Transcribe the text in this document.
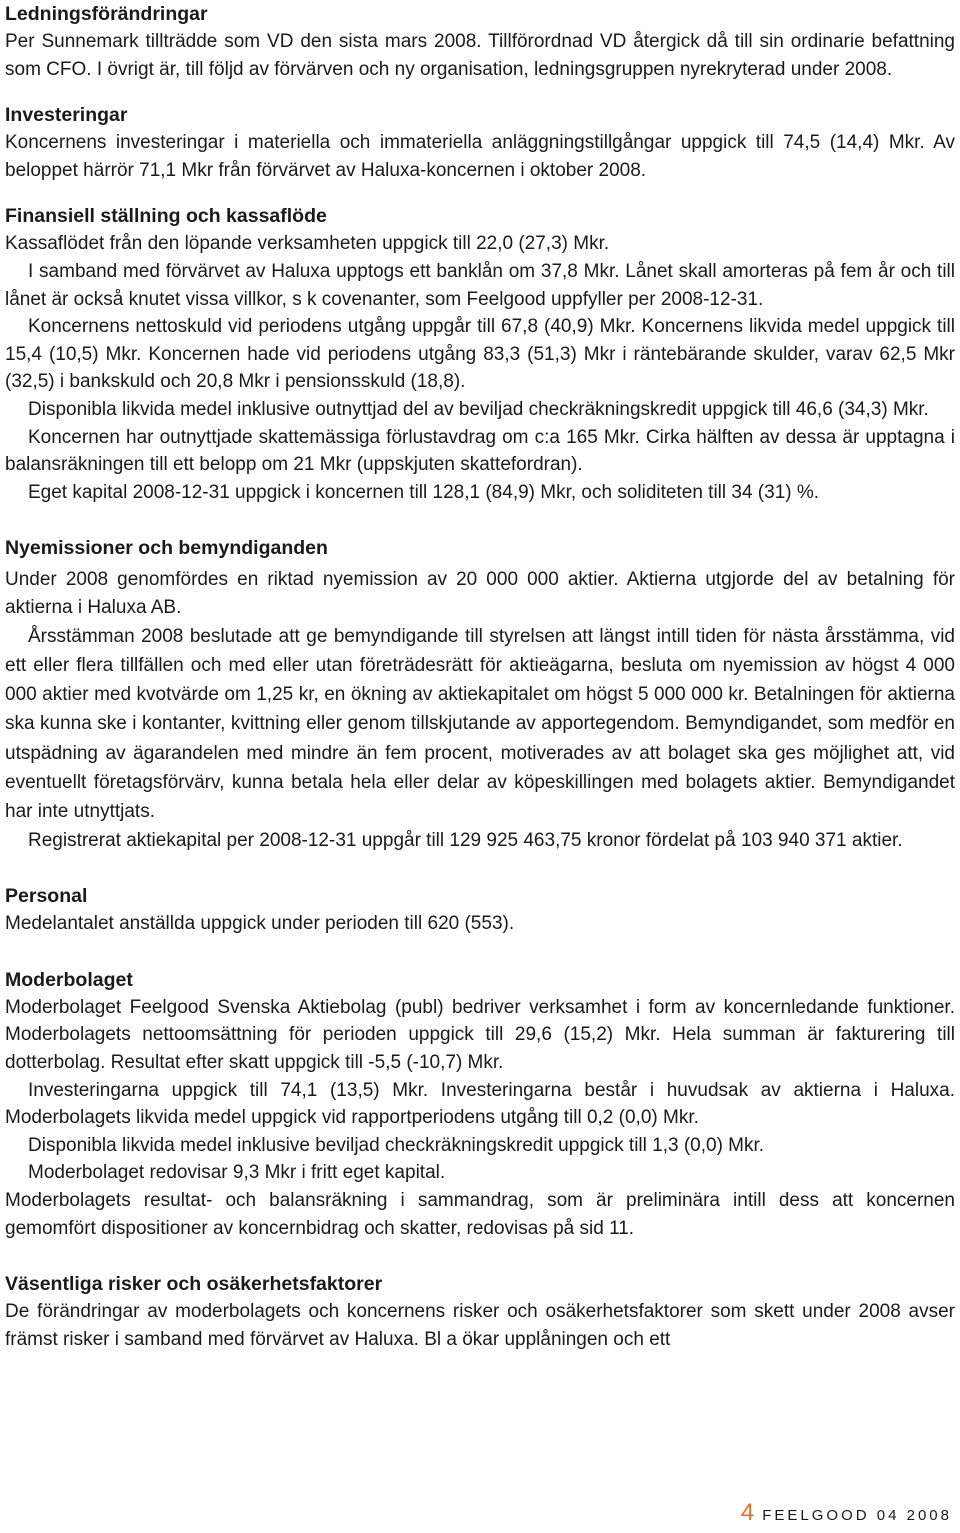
Ledningsförändringar

Per Sunnemark tillträdde som VD den sista mars 2008. Tillförordnad VD återgick då till sin ordinarie befattning som CFO. I övrigt är, till följd av förvärven och ny organisation, ledningsgruppen nyrekryterad under 2008.

Investeringar

Koncernens investeringar i materiella och immateriella anläggningstillgångar uppgick till 74,5 (14,4) Mkr. Av beloppet härrör 71,1 Mkr från förvärvet av Haluxa-koncernen i oktober 2008.

Finansiell ställning och kassaflöde

Kassaflödet från den löpande verksamheten uppgick till 22,0 (27,3) Mkr.

I samband med förvärvet av Haluxa upptogs ett banklån om 37,8 Mkr. Lånet skall amorteras på fem år och till lånet är också knutet vissa villkor, s k covenanter, som Feelgood uppfyller per 2008-12-31.

Koncernens nettoskuld vid periodens utgång uppgår till 67,8 (40,9) Mkr. Koncernens likvida medel uppgick till 15,4 (10,5) Mkr. Koncernen hade vid periodens utgång 83,3 (51,3) Mkr i räntebärande skulder, varav 62,5 Mkr (32,5) i bankskuld och 20,8 Mkr i pensionsskuld (18,8).

Disponibla likvida medel inklusive outnyttjad del av beviljad checkräkningskredit uppgick till 46,6 (34,3) Mkr.

Koncernen har outnyttjade skattemässiga förlustavdrag om c:a 165 Mkr. Cirka hälften av dessa är upptagna i balansräkningen till ett belopp om 21 Mkr (uppskjuten skattefordran).

Eget kapital 2008-12-31 uppgick i koncernen till 128,1 (84,9) Mkr, och soliditeten till 34 (31) %.

Nyemissioner och bemyndiganden

Under 2008 genomfördes en riktad nyemission av 20 000 000 aktier. Aktierna utgjorde del av betalning för aktierna i Haluxa AB.

Årsstämman 2008 beslutade att ge bemyndigande till styrelsen att längst intill tiden för nästa årsstämma, vid ett eller flera tillfällen och med eller utan företrädesrätt för aktieägarna, besluta om nyemission av högst 4 000 000 aktier med kvotvärde om 1,25 kr, en ökning av aktiekapitalet om högst 5 000 000 kr. Betalningen för aktierna ska kunna ske i kontanter, kvittning eller genom tillskjutande av apportegendom. Bemyndigandet, som medför en utspädning av ägarandelen med mindre än fem procent, motiverades av att bolaget ska ges möjlighet att, vid eventuellt företagsförvärv, kunna betala hela eller delar av köpeskillingen med bolagets aktier. Bemyndigandet har inte utnyttjats.

Registrerat aktiekapital per 2008-12-31 uppgår till 129 925 463,75 kronor fördelat på 103 940 371 aktier.

Personal

Medelantalet anställda uppgick under perioden till 620 (553).

Moderbolaget

Moderbolaget Feelgood Svenska Aktiebolag (publ) bedriver verksamhet i form av koncernledande funktioner. Moderbolagets nettoomsättning för perioden uppgick till 29,6 (15,2) Mkr. Hela summan är fakturering till dotterbolag. Resultat efter skatt uppgick till -5,5 (-10,7) Mkr.

Investeringarna uppgick till 74,1 (13,5) Mkr. Investeringarna består i huvudsak av aktierna i Haluxa. Moderbolagets likvida medel uppgick vid rapportperiodens utgång till 0,2 (0,0) Mkr.

Disponibla likvida medel inklusive beviljad checkräkningskredit uppgick till 1,3 (0,0) Mkr.

Moderbolaget redovisar 9,3 Mkr i fritt eget kapital.

Moderbolagets resultat- och balansräkning i sammandrag, som är preliminära intill dess att koncernen gemomfört dispositioner av koncernbidrag och skatter, redovisas på sid 11.

Väsentliga risker och osäkerhetsfaktorer

De förändringar av moderbolagets och koncernens risker och osäkerhetsfaktorer som skett under 2008 avser främst risker i samband med förvärvet av Haluxa. Bl a ökar upplåningen och ett

4 FEELGOOD 04 2008
